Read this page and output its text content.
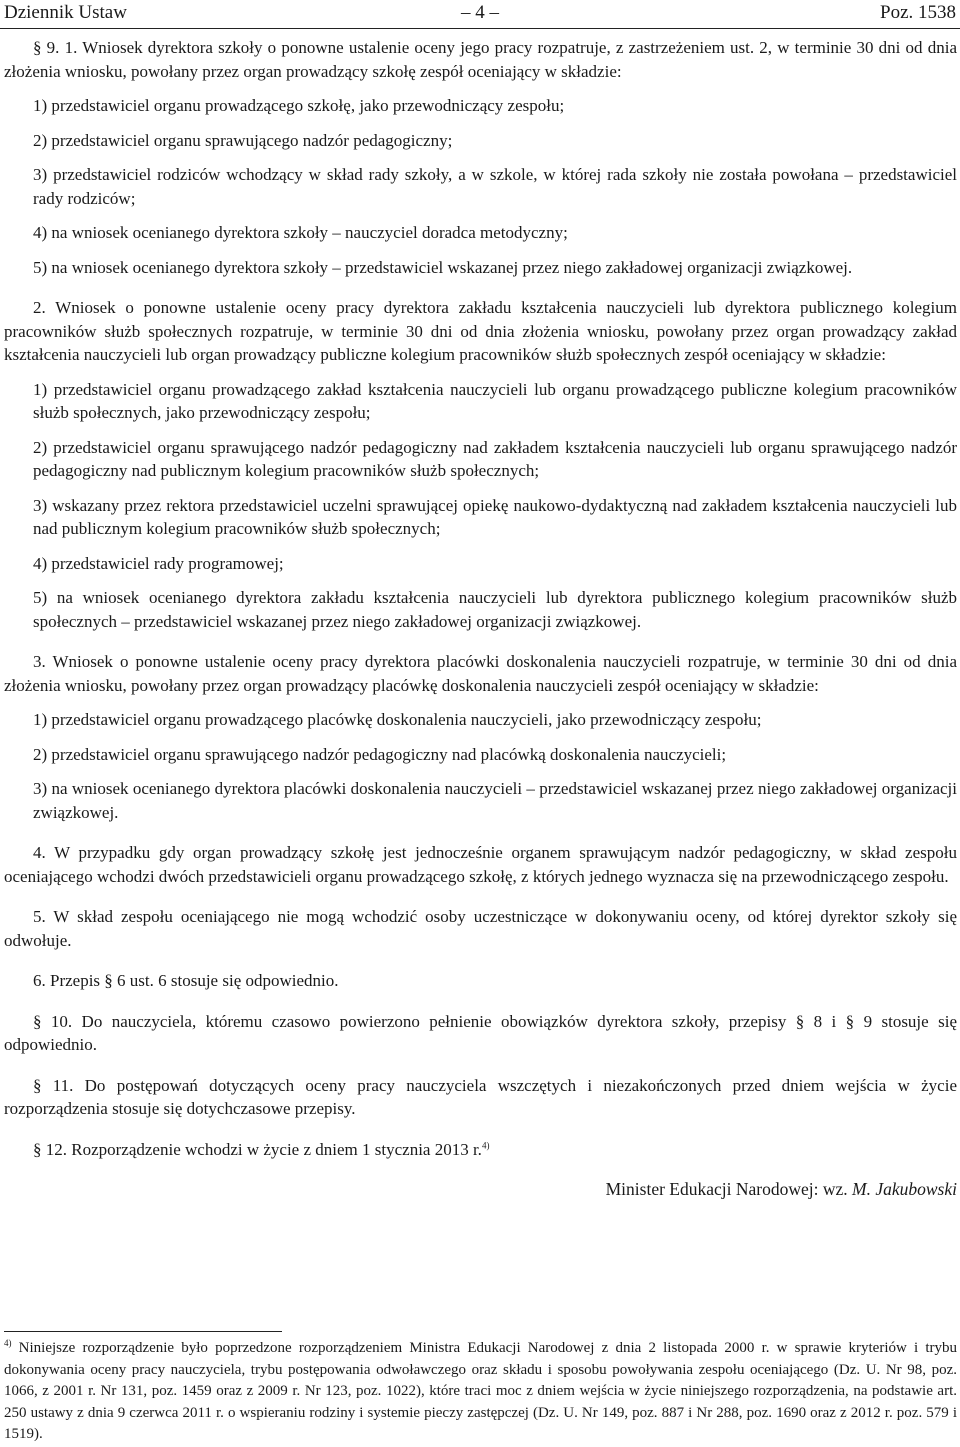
Dziennik Ustaw	– 4 –	Poz. 1538

§ 9. 1. Wniosek dyrektora szkoły o ponowne ustalenie oceny jego pracy rozpatruje, z zastrzeżeniem ust. 2, w terminie 30 dni od dnia złożenia wniosku, powołany przez organ prowadzący szkołę zespół oceniający w składzie:

1) przedstawiciel organu prowadzącego szkołę, jako przewodniczący zespołu;
2) przedstawiciel organu sprawującego nadzór pedagogiczny;
3) przedstawiciel rodziców wchodzący w skład rady szkoły, a w szkole, w której rada szkoły nie została powołana – przedstawiciel rady rodziców;
4) na wniosek ocenianego dyrektora szkoły – nauczyciel doradca metodyczny;
5) na wniosek ocenianego dyrektora szkoły – przedstawiciel wskazanej przez niego zakładowej organizacji związkowej.

2. Wniosek o ponowne ustalenie oceny pracy dyrektora zakładu kształcenia nauczycieli lub dyrektora publicznego kolegium pracowników służb społecznych rozpatruje, w terminie 30 dni od dnia złożenia wniosku, powołany przez organ prowadzący zakład kształcenia nauczycieli lub organ prowadzący publiczne kolegium pracowników służb społecznych zespół oceniający w składzie:

1) przedstawiciel organu prowadzącego zakład kształcenia nauczycieli lub organu prowadzącego publiczne kolegium pracowników służb społecznych, jako przewodniczący zespołu;
2) przedstawiciel organu sprawującego nadzór pedagogiczny nad zakładem kształcenia nauczycieli lub organu sprawującego nadzór pedagogiczny nad publicznym kolegium pracowników służb społecznych;
3) wskazany przez rektora przedstawiciel uczelni sprawującej opiekę naukowo-dydaktyczną nad zakładem kształcenia nauczycieli lub nad publicznym kolegium pracowników służb społecznych;
4) przedstawiciel rady programowej;
5) na wniosek ocenianego dyrektora zakładu kształcenia nauczycieli lub dyrektora publicznego kolegium pracowników służb społecznych – przedstawiciel wskazanej przez niego zakładowej organizacji związkowej.

3. Wniosek o ponowne ustalenie oceny pracy dyrektora placówki doskonalenia nauczycieli rozpatruje, w terminie 30 dni od dnia złożenia wniosku, powołany przez organ prowadzący placówkę doskonalenia nauczycieli zespół oceniający w składzie:

1) przedstawiciel organu prowadzącego placówkę doskonalenia nauczycieli, jako przewodniczący zespołu;
2) przedstawiciel organu sprawującego nadzór pedagogiczny nad placówką doskonalenia nauczycieli;
3) na wniosek ocenianego dyrektora placówki doskonalenia nauczycieli – przedstawiciel wskazanej przez niego zakładowej organizacji związkowej.

4. W przypadku gdy organ prowadzący szkołę jest jednocześnie organem sprawującym nadzór pedagogiczny, w skład zespołu oceniającego wchodzi dwóch przedstawicieli organu prowadzącego szkołę, z których jednego wyznacza się na przewodniczącego zespołu.

5. W skład zespołu oceniającego nie mogą wchodzić osoby uczestniczące w dokonywaniu oceny, od której dyrektor szkoły się odwołuje.

6. Przepis § 6 ust. 6 stosuje się odpowiednio.

§ 10. Do nauczyciela, któremu czasowo powierzono pełnienie obowiązków dyrektora szkoły, przepisy § 8 i § 9 stosuje się odpowiednio.

§ 11. Do postępowań dotyczących oceny pracy nauczyciela wszczętych i niezakończonych przed dniem wejścia w życie rozporządzenia stosuje się dotychczasowe przepisy.

§ 12. Rozporządzenie wchodzi w życie z dniem 1 stycznia 2013 r.$^{4)}$

Minister Edukacji Narodowej: wz. M. Jakubowski

$^{4)}$ Niniejsze rozporządzenie było poprzedzone rozporządzeniem Ministra Edukacji Narodowej z dnia 2 listopada 2000 r. w sprawie kryteriów i trybu dokonywania oceny pracy nauczyciela, trybu postępowania odwoławczego oraz składu i sposobu powoływania zespołu oceniającego (Dz. U. Nr 98, poz. 1066, z 2001 r. Nr 131, poz. 1459 oraz z 2009 r. Nr 123, poz. 1022), które traci moc z dniem wejścia w życie niniejszego rozporządzenia, na podstawie art. 250 ustawy z dnia 9 czerwca 2011 r. o wspieraniu rodziny i systemie pieczy zastępczej (Dz. U. Nr 149, poz. 887 i Nr 288, poz. 1690 oraz z 2012 r. poz. 579 i 1519).
